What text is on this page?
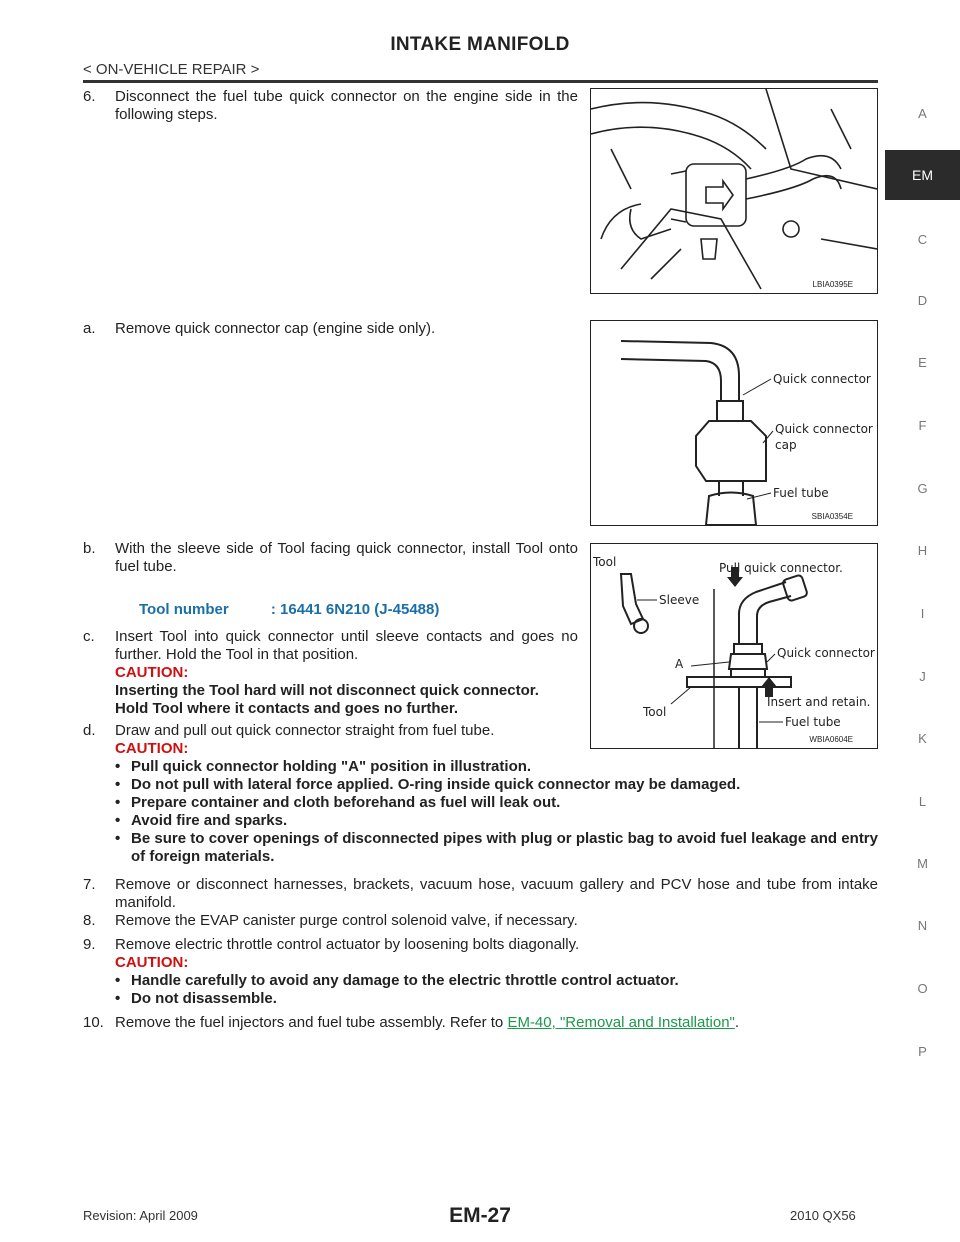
INTAKE MANIFOLD
< ON-VEHICLE REPAIR >
A
EM
C
D
E
F
G
H
I
J
K
L
M
N
O
P
6. Disconnect the fuel tube quick connector on the engine side in the following steps.
a. Remove quick connector cap (engine side only).
b. With the sleeve side of Tool facing quick connector, install Tool onto fuel tube.
Tool number	: 16441 6N210 (J-45488)
c. Insert Tool into quick connector until sleeve contacts and goes no further. Hold the Tool in that position.
CAUTION:
Inserting the Tool hard will not disconnect quick connector.
Hold Tool where it contacts and goes no further.
d. Draw and pull out quick connector straight from fuel tube.
CAUTION:
• Pull quick connector holding "A" position in illustration.
• Do not pull with lateral force applied. O-ring inside quick connector may be damaged.
• Prepare container and cloth beforehand as fuel will leak out.
• Avoid fire and sparks.
• Be sure to cover openings of disconnected pipes with plug or plastic bag to avoid fuel leakage and entry of foreign materials.
7. Remove or disconnect harnesses, brackets, vacuum hose, vacuum gallery and PCV hose and tube from intake manifold.
8. Remove the EVAP canister purge control solenoid valve, if necessary.
9. Remove electric throttle control actuator by loosening bolts diagonally.
CAUTION:
• Handle carefully to avoid any damage to the electric throttle control actuator.
• Do not disassemble.
10. Remove the fuel injectors and fuel tube assembly. Refer to EM-40, "Removal and Installation".
LBIA0395E
Quick connector
Quick connector
cap
Fuel tube
SBIA0354E
Tool
Sleeve
Pull quick connector.
Quick connector
A
Insert and retain.
Tool
Fuel tube
WBIA0604E
Revision: April 2009	EM-27	2010 QX56
